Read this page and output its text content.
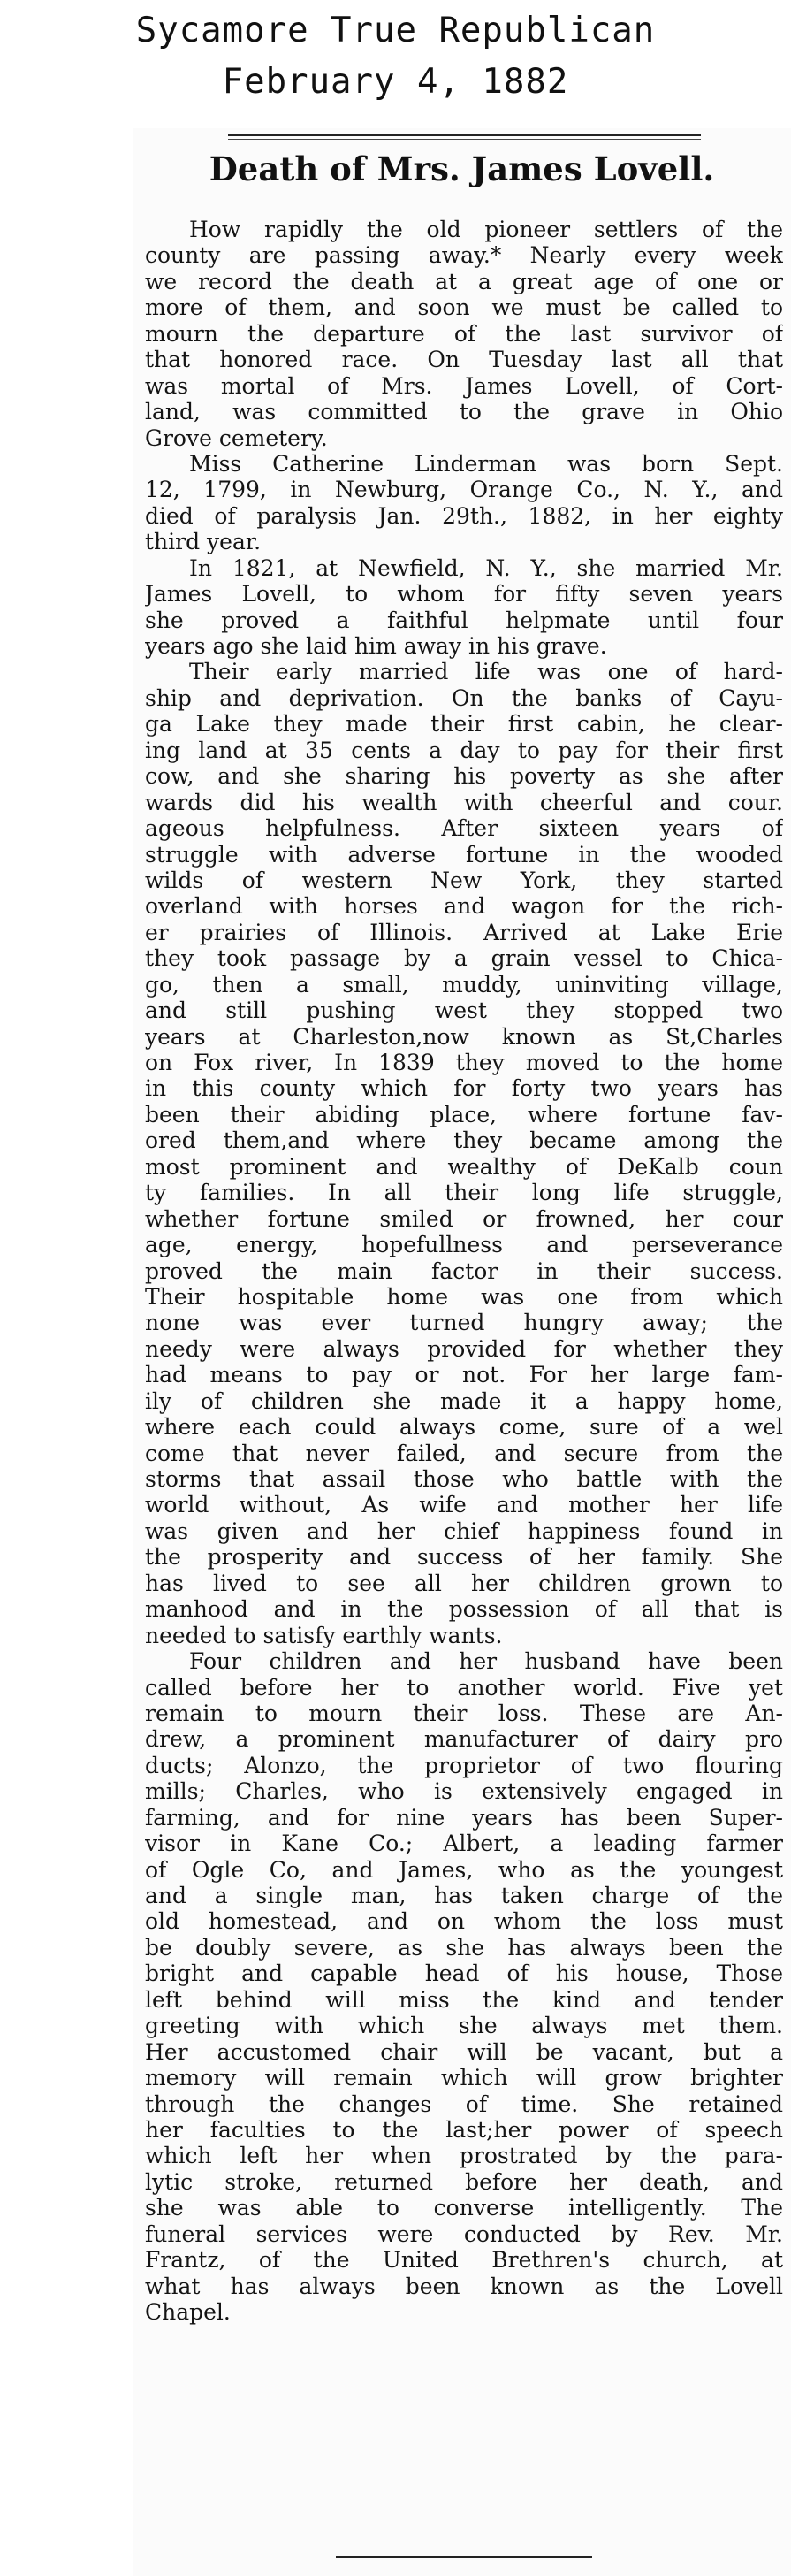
Sycamore True Republican
February 4, 1882
Death of Mrs. James Lovell.
How rapidly the old pioneer settlers of the
county are passing away.* Nearly every week
we record the death at a great age of one or
more of them, and soon we must be called to
mourn the departure of the last survivor of
that honored race. On Tuesday last all that
was mortal of Mrs. James Lovell, of Cort-
land, was committed to the grave in Ohio
Grove cemetery.
Miss Catherine Linderman was born Sept.
12, 1799, in Newburg, Orange Co., N. Y., and
died of paralysis Jan. 29th., 1882, in her eighty
third year.
In 1821, at Newfield, N. Y., she married Mr.
James Lovell, to whom for fifty seven years
she proved a faithful helpmate until four
years ago she laid him away in his grave.
Their early married life was one of hard-
ship and deprivation. On the banks of Cayu-
ga Lake they made their first cabin, he clear-
ing land at 35 cents a day to pay for their first
cow, and she sharing his poverty as she after
wards did his wealth with cheerful and cour.
ageous helpfulness. After sixteen years of
struggle with adverse fortune in the wooded
wilds of western New York, they started
overland with horses and wagon for the rich-
er prairies of Illinois. Arrived at Lake Erie
they took passage by a grain vessel to Chica-
go, then a small, muddy, uninviting village,
and still pushing west they stopped two
years at Charleston,now known as St,Charles
on Fox river, In 1839 they moved to the home
in this county which for forty two years has
been their abiding place, where fortune fav-
ored them,and where they became among the
most prominent and wealthy of DeKalb coun
ty families. In all their long life struggle,
whether fortune smiled or frowned, her cour
age, energy, hopefullness and perseverance
proved the main factor in their success.
Their hospitable home was one from which
none was ever turned hungry away; the
needy were always provided for whether they
had means to pay or not. For her large fam-
ily of children she made it a happy home,
where each could always come, sure of a wel
come that never failed, and secure from the
storms that assail those who battle with the
world without, As wife and mother her life
was given and her chief happiness found in
the prosperity and success of her family. She
has lived to see all her children grown to
manhood and in the possession of all that is
needed to satisfy earthly wants.
Four children and her husband have been
called before her to another world. Five yet
remain to mourn their loss. These are An-
drew, a prominent manufacturer of dairy pro
ducts; Alonzo, the proprietor of two flouring
mills; Charles, who is extensively engaged in
farming, and for nine years has been Super-
visor in Kane Co.; Albert, a leading farmer
of Ogle Co, and James, who as the youngest
and a single man, has taken charge of the
old homestead, and on whom the loss must
be doubly severe, as she has always been the
bright and capable head of his house, Those
left behind will miss the kind and tender
greeting with which she always met them.
Her accustomed chair will be vacant, but a
memory will remain which will grow brighter
through the changes of time. She retained
her faculties to the last;her power of speech
which left her when prostrated by the para-
lytic stroke, returned before her death, and
she was able to converse intelligently. The
funeral services were conducted by Rev. Mr.
Frantz, of the United Brethren's church, at
what has always been known as the Lovell
Chapel.
